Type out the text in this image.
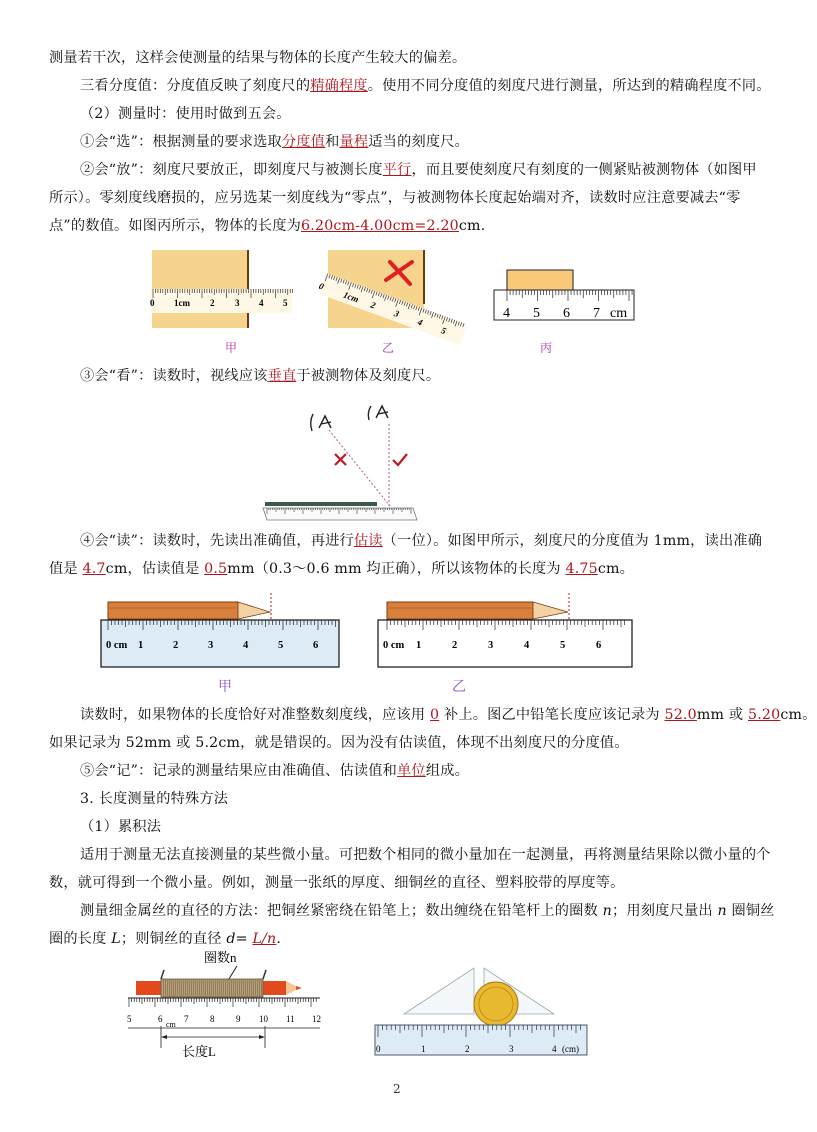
测量若干次，这样会使测量的结果与物体的长度产生较大的偏差。
三看分度值：分度值反映了刻度尺的精确程度。使用不同分度值的刻度尺进行测量，所达到的精确程度不同。
（2）测量时：使用时做到五会。
①会“选”：根据测量的要求选取分度值和量程适当的刻度尺。
②会“放”：刻度尺要放正，即刻度尺与被测长度平行，而且要使刻度尺有刻度的一侧紧贴被测物体（如图甲
所示）。零刻度线磨损的，应另选某一刻度线为“零点”，与被测物体长度起始端对齐，读数时应注意要减去“零
点”的数值。如图丙所示，物体的长度为6.20cm-4.00cm=2.20cm.
0 1cm 2 3 4 5
0
1cm
2
3
4
5
4 5 6 7 cm
甲	乙	丙
③会“看”：读数时，视线应该垂直于被测物体及刻度尺。
④会“读”：读数时，先读出准确值，再进行估读（一位）。如图甲所示，刻度尺的分度值为 1mm，读出准确
值是 4.7cm，估读值是 0.5mm（0.3～0.6 mm 均正确），所以该物体的长度为 4.75cm。
0 cm 1	2	3	4	5	6	0 cm 1	2	3	4	5	6
甲	乙
读数时，如果物体的长度恰好对准整数刻度线，应该用 0 补上。图乙中铅笔长度应该记录为 52.0mm 或 5.20cm。
如果记录为 52mm 或 5.2cm，就是错误的。因为没有估读值，体现不出刻度尺的分度值。
⑤会“记”：记录的测量结果应由准确值、估读值和单位组成。
3. 长度测量的特殊方法
（1）累积法
适用于测量无法直接测量的某些微小量。可把数个相同的微小量加在一起测量，再将测量结果除以微小量的个
数，就可得到一个微小量。例如，测量一张纸的厚度、细铜丝的直径、塑料胶带的厚度等。
测量细金属丝的直径的方法：把铜丝紧密绕在铅笔上；数出缠绕在铅笔杆上的圈数 n；用刻度尺量出 n 圈铜丝
圈的长度 L；则铜丝的直径 d= L/n.
圈数n
5	6 7 8 9 10 11 12
cm
长度L	0	1	2	3	4 (cm)
2
